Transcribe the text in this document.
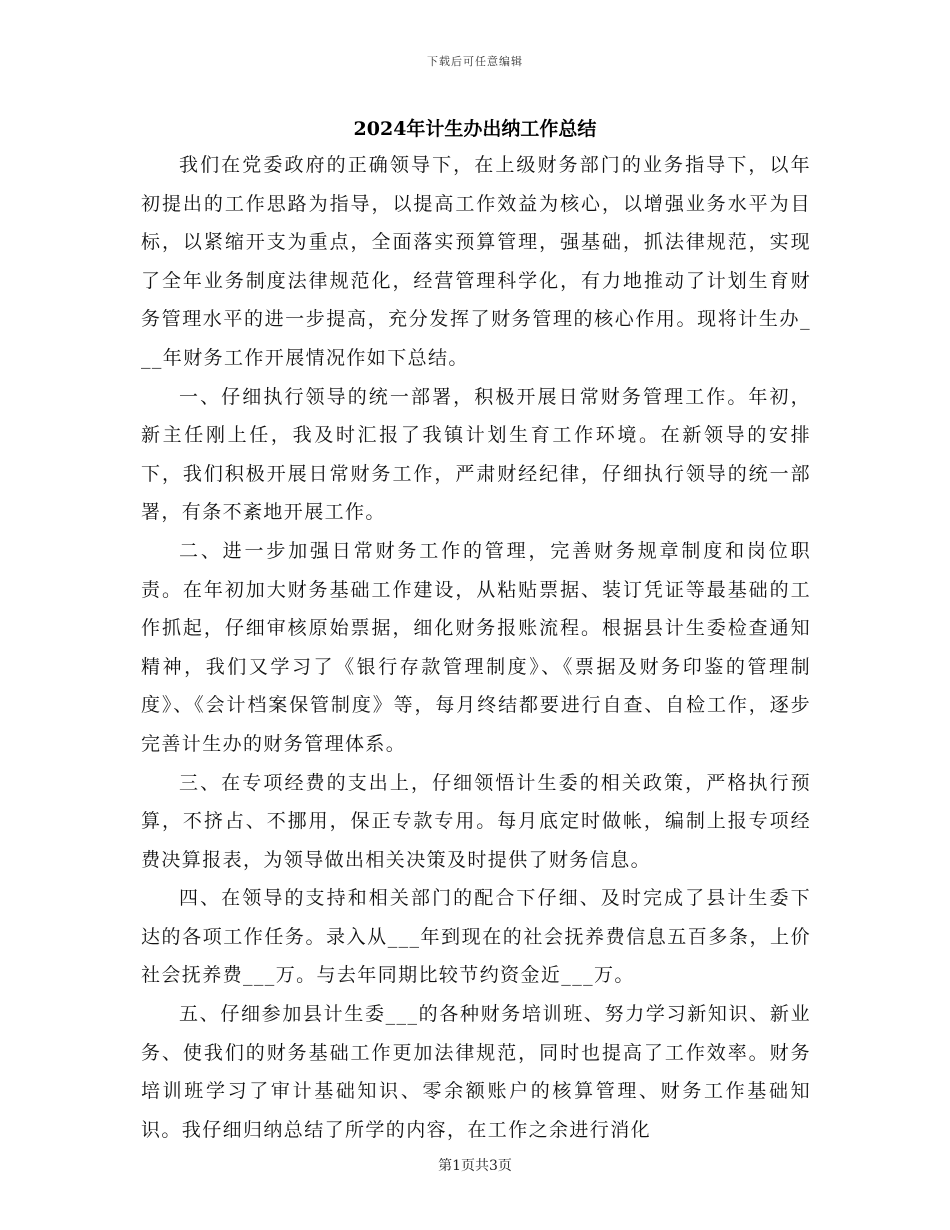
下载后可任意编辑
2024年计生办出纳工作总结

我们在党委政府的正确领导下，在上级财务部门的业务指导下，以年初提出的工作思路为指导，以提高工作效益为核心，以增强业务水平为目标，以紧缩开支为重点，全面落实预算管理，强基础，抓法律规范，实现了全年业务制度法律规范化，经营管理科学化，有力地推动了计划生育财务管理水平的进一步提高，充分发挥了财务管理的核心作用。现将计生办___年财务工作开展情况作如下总结。

一、仔细执行领导的统一部署，积极开展日常财务管理工作。年初，新主任刚上任，我及时汇报了我镇计划生育工作环境。在新领导的安排下，我们积极开展日常财务工作，严肃财经纪律，仔细执行领导的统一部署，有条不紊地开展工作。

二、进一步加强日常财务工作的管理，完善财务规章制度和岗位职责。在年初加大财务基础工作建设，从粘贴票据、装订凭证等最基础的工作抓起，仔细审核原始票据，细化财务报账流程。根据县计生委检查通知精神，我们又学习了《银行存款管理制度》、《票据及财务印鉴的管理制度》、《会计档案保管制度》等，每月终结都要进行自查、自检工作，逐步完善计生办的财务管理体系。

三、在专项经费的支出上，仔细领悟计生委的相关政策，严格执行预算，不挤占、不挪用，保正专款专用。每月底定时做帐，编制上报专项经费决算报表，为领导做出相关决策及时提供了财务信息。

四、在领导的支持和相关部门的配合下仔细、及时完成了县计生委下达的各项工作任务。录入从___年到现在的社会抚养费信息五百多条，上价社会抚养费___万。与去年同期比较节约资金近___万。

五、仔细参加县计生委___的各种财务培训班、努力学习新知识、新业务、使我们的财务基础工作更加法律规范，同时也提高了工作效率。财务培训班学习了审计基础知识、零余额账户的核算管理、财务工作基础知识。我仔细归纳总结了所学的内容，在工作之余进行消化

第1页共3页
